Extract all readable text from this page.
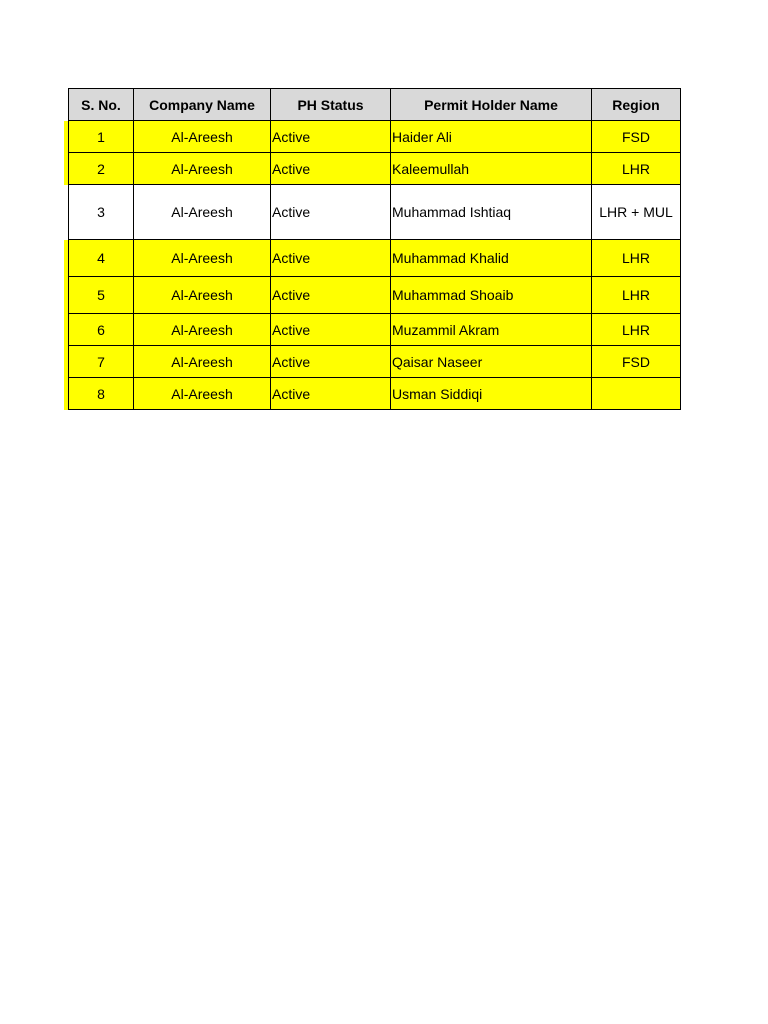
S. No.	Company Name	PH Status	Permit Holder Name	Region
1	Al-Areesh	Active	Haider Ali	FSD
2	Al-Areesh	Active	Kaleemullah	LHR
3	Al-Areesh	Active	Muhammad Ishtiaq	LHR + MUL
4	Al-Areesh	Active	Muhammad Khalid	LHR
5	Al-Areesh	Active	Muhammad Shoaib	LHR
6	Al-Areesh	Active	Muzammil Akram	LHR
7	Al-Areesh	Active	Qaisar Naseer	FSD
8	Al-Areesh	Active	Usman Siddiqi	
